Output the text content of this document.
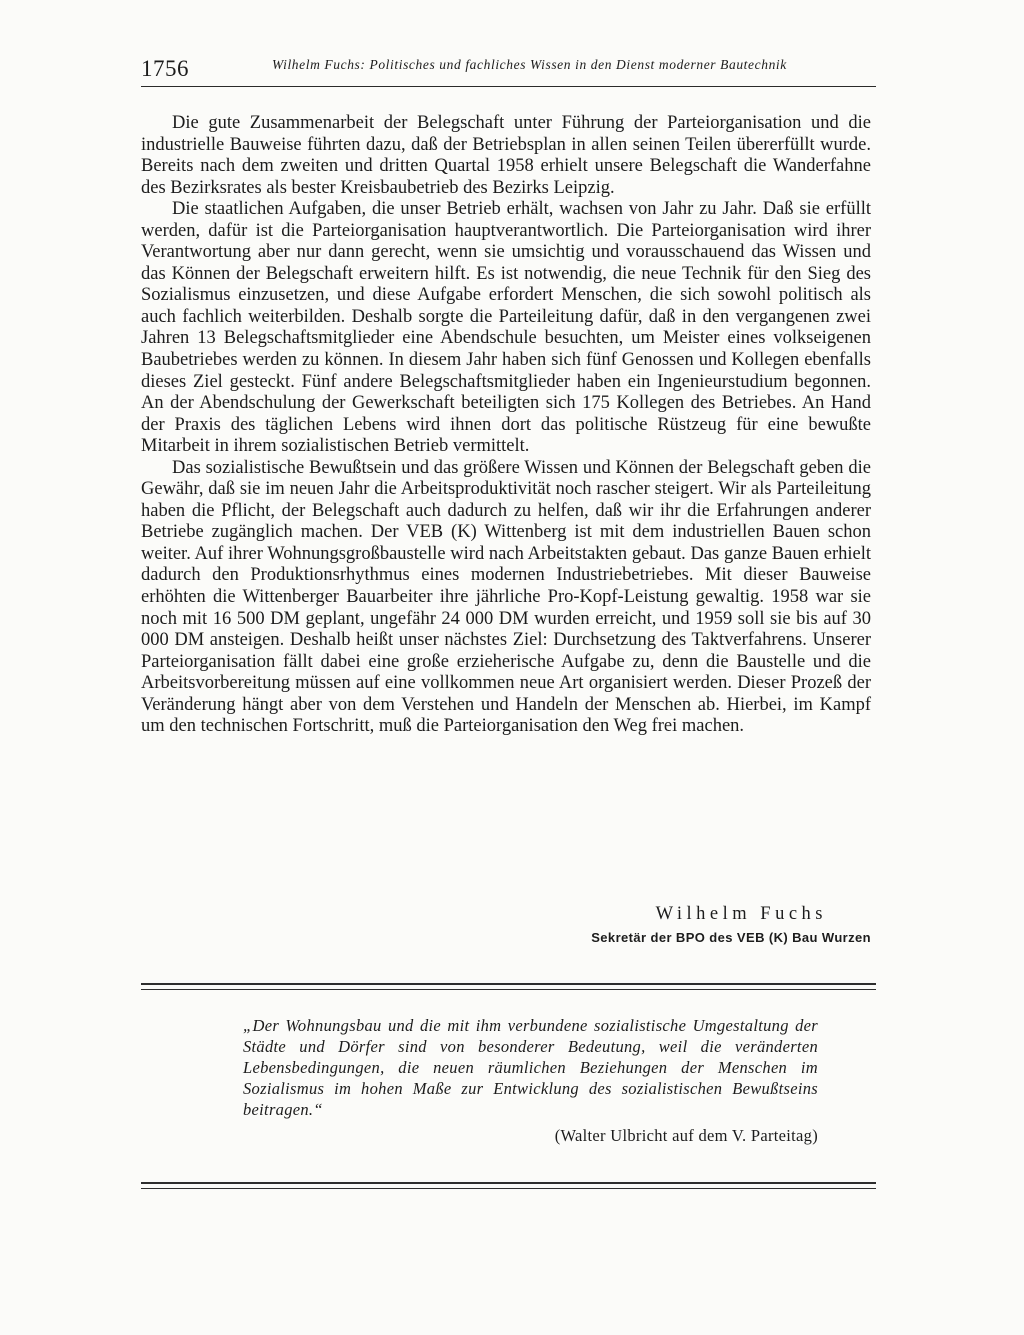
1756	Wilhelm Fuchs: Politisches und fachliches Wissen in den Dienst moderner Bautechnik

Die gute Zusammenarbeit der Belegschaft unter Führung der Parteiorganisation und die industrielle Bauweise führten dazu, daß der Betriebsplan in allen seinen Teilen übererfüllt wurde. Bereits nach dem zweiten und dritten Quartal 1958 erhielt unsere Belegschaft die Wanderfahne des Bezirksrates als bester Kreisbaubetrieb des Bezirks Leipzig.

Die staatlichen Aufgaben, die unser Betrieb erhält, wachsen von Jahr zu Jahr. Daß sie erfüllt werden, dafür ist die Parteiorganisation hauptverantwortlich. Die Parteiorganisation wird ihrer Verantwortung aber nur dann gerecht, wenn sie umsichtig und vorausschauend das Wissen und das Können der Belegschaft erweitern hilft. Es ist notwendig, die neue Technik für den Sieg des Sozialismus einzusetzen, und diese Aufgabe erfordert Menschen, die sich sowohl politisch als auch fachlich weiterbilden. Deshalb sorgte die Parteileitung dafür, daß in den vergangenen zwei Jahren 13 Belegschaftsmitglieder eine Abendschule besuchten, um Meister eines volkseigenen Baubetriebes werden zu können. In diesem Jahr haben sich fünf Genossen und Kollegen ebenfalls dieses Ziel gesteckt. Fünf andere Belegschaftsmitglieder haben ein Ingenieurstudium begonnen. An der Abendschulung der Gewerkschaft beteiligten sich 175 Kollegen des Betriebes. An Hand der Praxis des täglichen Lebens wird ihnen dort das politische Rüstzeug für eine bewußte Mitarbeit in ihrem sozialistischen Betrieb vermittelt.

Das sozialistische Bewußtsein und das größere Wissen und Können der Belegschaft geben die Gewähr, daß sie im neuen Jahr die Arbeitsproduktivität noch rascher steigert. Wir als Parteileitung haben die Pflicht, der Belegschaft auch dadurch zu helfen, daß wir ihr die Erfahrungen anderer Betriebe zugänglich machen. Der VEB (K) Wittenberg ist mit dem industriellen Bauen schon weiter. Auf ihrer Wohnungsgroßbaustelle wird nach Arbeitstakten gebaut. Das ganze Bauen erhielt dadurch den Produktionsrhythmus eines modernen Industriebetriebes. Mit dieser Bauweise erhöhten die Wittenberger Bauarbeiter ihre jährliche Pro-Kopf-Leistung gewaltig. 1958 war sie noch mit 16 500 DM geplant, ungefähr 24 000 DM wurden erreicht, und 1959 soll sie bis auf 30 000 DM ansteigen. Deshalb heißt unser nächstes Ziel: Durchsetzung des Taktverfahrens. Unserer Parteiorganisation fällt dabei eine große erzieherische Aufgabe zu, denn die Baustelle und die Arbeitsvorbereitung müssen auf eine vollkommen neue Art organisiert werden. Dieser Prozeß der Veränderung hängt aber von dem Verstehen und Handeln der Menschen ab. Hierbei, im Kampf um den technischen Fortschritt, muß die Parteiorganisation den Weg frei machen.

Wilhelm Fuchs
Sekretär der BPO des VEB (K) Bau Wurzen
„Der Wohnungsbau und die mit ihm verbundene sozialistische Umgestaltung der Städte und Dörfer sind von besonderer Bedeutung, weil die veränderten Lebensbedingungen, die neuen räumlichen Beziehungen der Menschen im Sozialismus im hohen Maße zur Entwicklung des sozialistischen Bewußtseins beitragen.“
(Walter Ulbricht auf dem V. Parteitag)
